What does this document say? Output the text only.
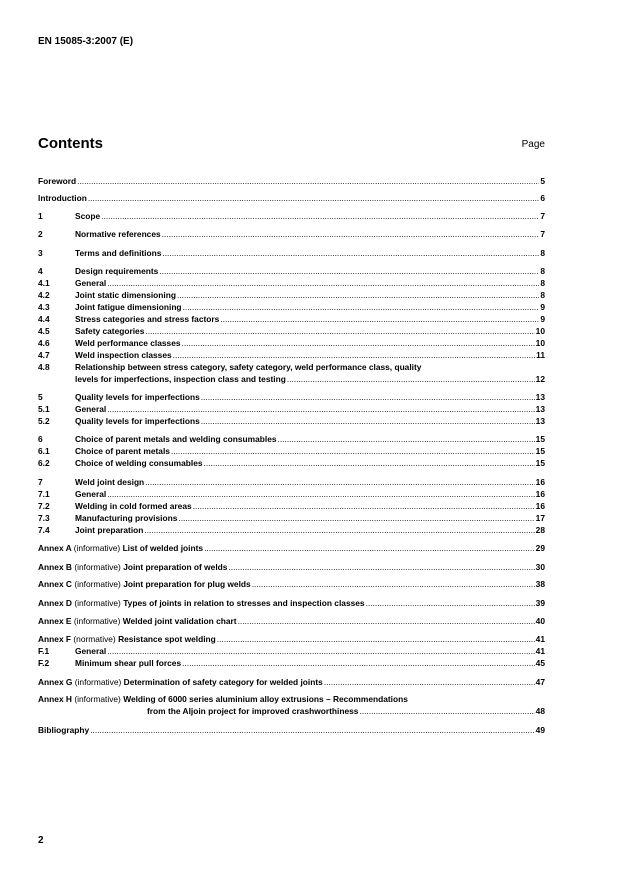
EN 15085-3:2007 (E)
Contents	Page
Foreword .....	5
Introduction .....	6
1	Scope .....	7
2	Normative references .....	7
3	Terms and definitions .....	8
4	Design requirements .....	8
4.1	General .....	8
4.2	Joint static dimensioning .....	8
4.3	Joint fatigue dimensioning .....	9
4.4	Stress categories and stress factors .....	9
4.5	Safety categories .....	10
4.6	Weld performance classes .....	10
4.7	Weld inspection classes .....	11
4.8	Relationship between stress category, safety category, weld performance class, quality
levels for imperfections, inspection class and testing .....	12
5	Quality levels for imperfections .....	13
5.1	General .....	13
5.2	Quality levels for imperfections .....	13
6	Choice of parent metals and welding consumables .....	15
6.1	Choice of parent metals .....	15
6.2	Choice of welding consumables .....	15
7	Weld joint design .....	16
7.1	General .....	16
7.2	Welding in cold formed areas .....	16
7.3	Manufacturing provisions .....	17
7.4	Joint preparation .....	28
Annex A (informative) List of welded joints .....	29
Annex B (informative) Joint preparation of welds .....	30
Annex C (informative) Joint preparation for plug welds .....	38
Annex D (informative) Types of joints in relation to stresses and inspection classes .....	39
Annex E (informative) Welded joint validation chart .....	40
Annex F (normative) Resistance spot welding .....	41
F.1	General .....	41
F.2	Minimum shear pull forces .....	45
Annex G (informative) Determination of safety category for welded joints .....	47
Annex H (informative) Welding of 6000 series aluminium alloy extrusions – Recommendations
from the Aljoin project for improved crashworthiness .....	48
Bibliography .....	49
2
